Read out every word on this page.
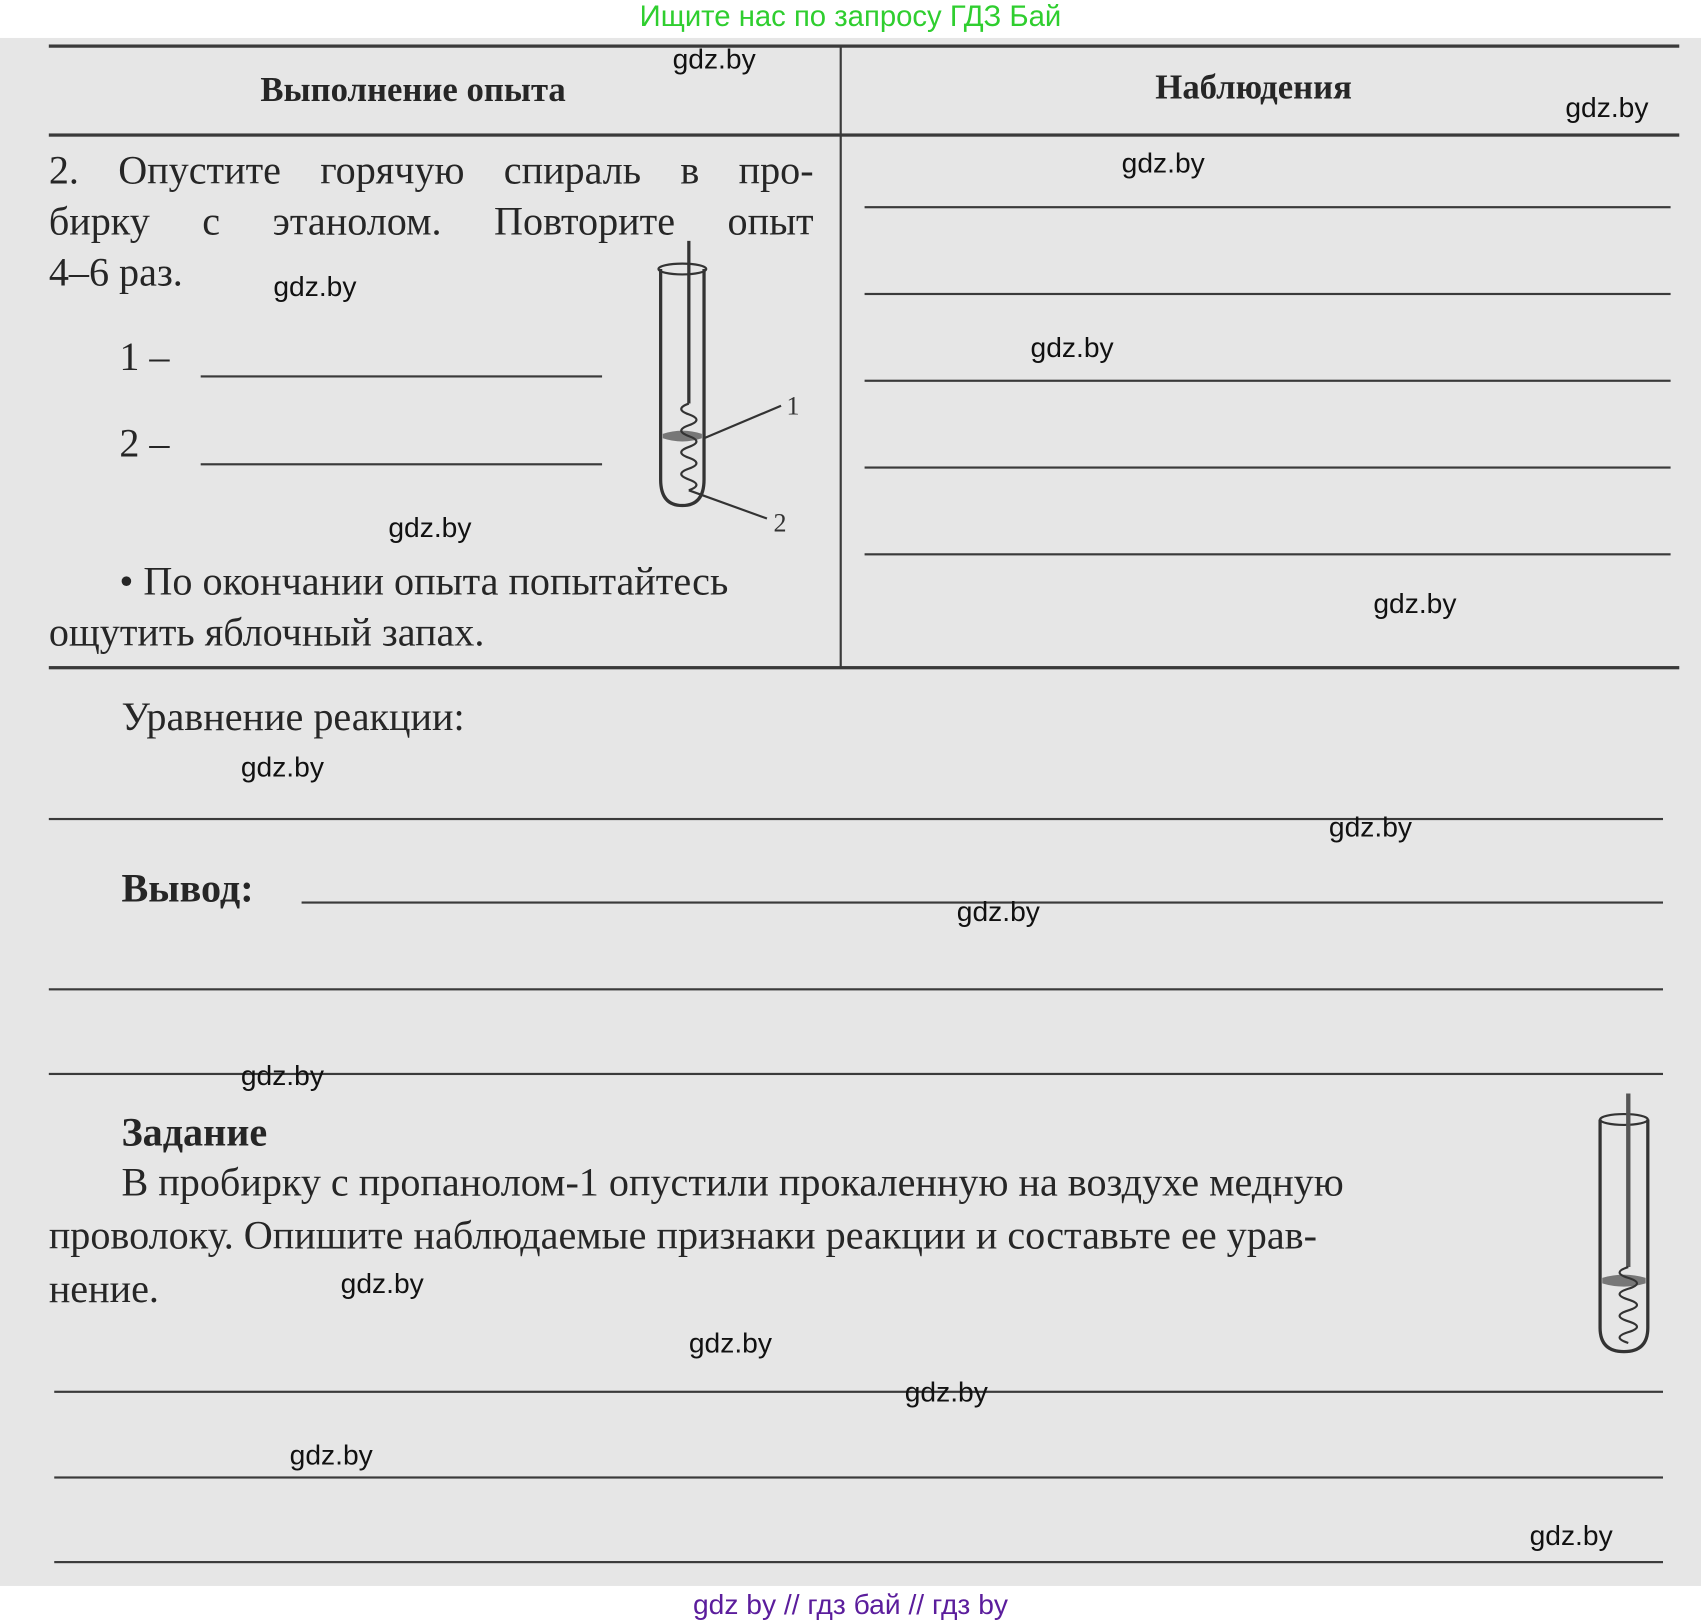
Ищите нас по запросу ГДЗ Бай
Выполнение опыта	Наблюдения
2. Опустите горячую спираль в про-
бирку с этанолом. Повторите опыт
4–6 раз.
1 –
2 –
1
2
• По окончании опыта попытайтесь
ощутить яблочный запах.
Уравнение реакции:
Вывод:
Задание
В пробирку с пропанолом-1 опустили прокаленную на воздухе медную
проволоку. Опишите наблюдаемые признаки реакции и составьте ее урав-
нение.
gdz.by
gdz.by
gdz.by
gdz.by
gdz.by
gdz.by
gdz.by
gdz.by
gdz.by
gdz.by
gdz.by
gdz.by
gdz.by
gdz.by
gdz.by
gdz.by
gdz by // гдз бай // гдз by
